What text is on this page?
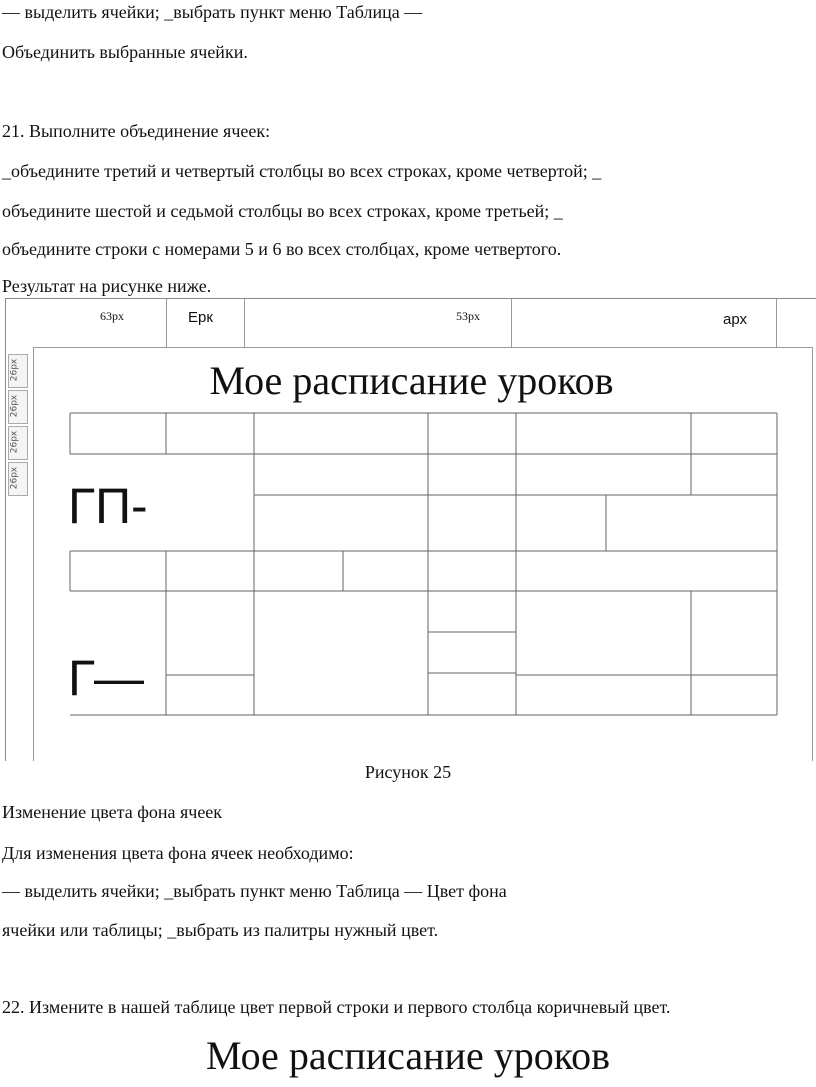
— выделить ячейки; _выбрать пункт меню Таблица —
Объединить выбранные ячейки.
21. Выполните объединение ячеек:
_объедините третий и четвертый столбцы во всех строках, кроме четвертой; _
объедините шестой и седьмой столбцы во всех строках, кроме третьей; _
объедините строки с номерами 5 и 6 во всех столбцах, кроме четвертого.
Результат на рисунке ниже.
63px	Ерк	53px	арх
26px
26px
26px
26px
Мое расписание уроков
ГП-
Г—
Рисунок 25
Изменение цвета фона ячеек
Для изменения цвета фона ячеек необходимо:
— выделить ячейки; _выбрать пункт меню Таблица — Цвет фона
ячейки или таблицы; _выбрать из палитры нужный цвет.
22. Измените в нашей таблице цвет первой строки и первого столбца коричневый цвет.
Мое расписание уроков
